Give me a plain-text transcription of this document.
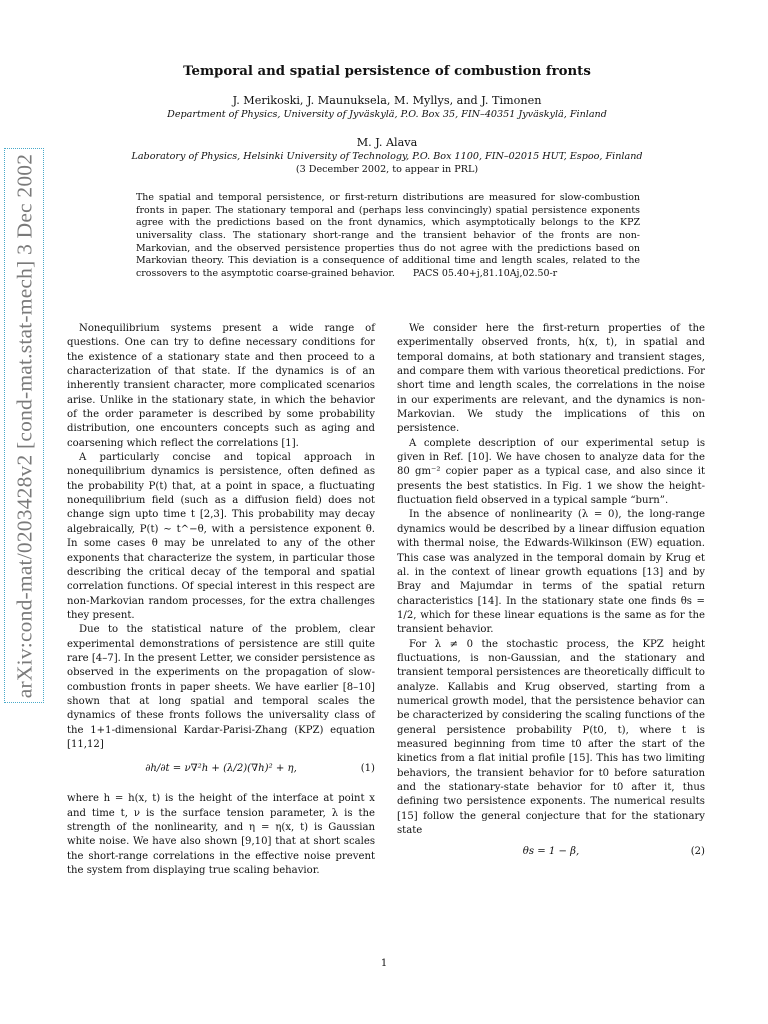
arXiv:cond-mat/0203428v2 [cond-mat.stat-mech] 3 Dec 2002
Temporal and spatial persistence of combustion fronts
J. Merikoski, J. Maunuksela, M. Myllys, and J. Timonen
Department of Physics, University of Jyväskylä, P.O. Box 35, FIN–40351 Jyväskylä, Finland
M. J. Alava
Laboratory of Physics, Helsinki University of Technology, P.O. Box 1100, FIN–02015 HUT, Espoo, Finland
(3 December 2002, to appear in PRL)

The spatial and temporal persistence, or first-return distributions are measured for slow-combustion fronts in paper. The stationary temporal and (perhaps less convincingly) spatial persistence exponents agree with the predictions based on the front dynamics, which asymptotically belongs to the KPZ universality class. The stationary short-range and the transient behavior of the fronts are non-Markovian, and the observed persistence properties thus do not agree with the predictions based on Markovian theory. This deviation is a consequence of additional time and length scales, related to the crossovers to the asymptotic coarse-grained behavior. PACS 05.40+j,81.10Aj,02.50-r

Nonequilibrium systems present a wide range of questions. One can try to define necessary conditions for the existence of a stationary state and then proceed to a characterization of that state. If the dynamics is of an inherently transient character, more complicated scenarios arise. Unlike in the stationary state, in which the behavior of the order parameter is described by some probability distribution, one encounters concepts such as aging and coarsening which reflect the correlations [1].

A particularly concise and topical approach in nonequilibrium dynamics is persistence, often defined as the probability P(t) that, at a point in space, a fluctuating nonequilibrium field (such as a diffusion field) does not change sign upto time t [2,3]. This probability may decay algebraically, P(t) ∼ t^−θ, with a persistence exponent θ. In some cases θ may be unrelated to any of the other exponents that characterize the system, in particular those describing the critical decay of the temporal and spatial correlation functions. Of special interest in this respect are non-Markovian random processes, for the extra challenges they present.

Due to the statistical nature of the problem, clear experimental demonstrations of persistence are still quite rare [4–7]. In the present Letter, we consider persistence as observed in the experiments on the propagation of slow-combustion fronts in paper sheets. We have earlier [8–10] shown that at long spatial and temporal scales the dynamics of these fronts follows the universality class of the 1+1-dimensional Kardar-Parisi-Zhang (KPZ) equation [11,12]

∂h/∂t = ν∇²h + (λ/2)(∇h)² + η,	(1)

where h = h(x, t) is the height of the interface at point x and time t, ν is the surface tension parameter, λ is the strength of the nonlinearity, and η = η(x, t) is Gaussian white noise. We have also shown [9,10] that at short scales the short-range correlations in the effective noise prevent the system from displaying true scaling behavior.

We consider here the first-return properties of the experimentally observed fronts, h(x, t), in spatial and temporal domains, at both stationary and transient stages, and compare them with various theoretical predictions. For short time and length scales, the correlations in the noise in our experiments are relevant, and the dynamics is non-Markovian. We study the implications of this on persistence.

A complete description of our experimental setup is given in Ref. [10]. We have chosen to analyze data for the 80 gm⁻² copier paper as a typical case, and also since it presents the best statistics. In Fig. 1 we show the height-fluctuation field observed in a typical sample “burn”.

In the absence of nonlinearity (λ = 0), the long-range dynamics would be described by a linear diffusion equation with thermal noise, the Edwards-Wilkinson (EW) equation. This case was analyzed in the temporal domain by Krug et al. in the context of linear growth equations [13] and by Bray and Majumdar in terms of the spatial return characteristics [14]. In the stationary state one finds θs = 1/2, which for these linear equations is the same as for the transient behavior.

For λ ≠ 0 the stochastic process, the KPZ height fluctuations, is non-Gaussian, and the stationary and transient temporal persistences are theoretically difficult to analyze. Kallabis and Krug observed, starting from a numerical growth model, that the persistence behavior can be characterized by considering the scaling functions of the general persistence probability P(t0, t), where t is measured beginning from time t0 after the start of the kinetics from a flat initial profile [15]. This has two limiting behaviors, the transient behavior for t0 before saturation and the stationary-state behavior for t0 after it, thus defining two persistence exponents. The numerical results [15] follow the general conjecture that for the stationary state

θs = 1 − β,	(2)
1
